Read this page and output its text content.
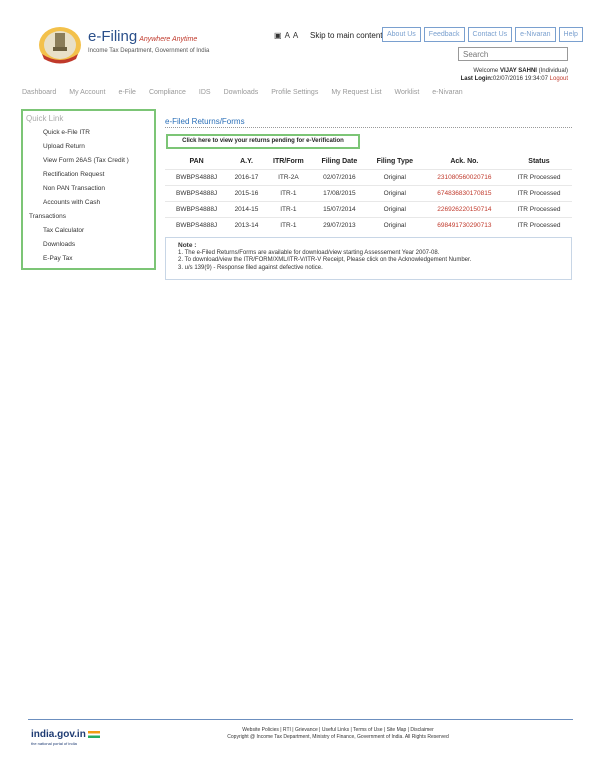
e-Filing Anywhere Anytime
Income Tax Department, Government of India
▣ A A	Skip to main content About Us	Feedback	Contact Us	e-Nivaran	Help
Search
Welcome VIJAY SAHNI (Individual)
Last Login:02/07/2016 19:34:07 Logout
Dashboard My Account e-File Compliance IDS Downloads Profile Settings My Request List Worklist e-Nivaran
Quick Link
Quick e-File ITR
Upload Return
View Form 26AS (Tax Credit )
Rectification Request
Non PAN Transaction
Accounts with Cash
Transactions
Tax Calculator
Downloads
E-Pay Tax
e-Filed Returns/Forms
Click here to view your returns pending for e-Verification
PAN	A.Y.	ITR/Form	Filing Date	Filing Type	Ack. No.	Status
BWBPS4888J	2016-17	ITR-2A	02/07/2016	Original	231080560020716	ITR Processed
BWBPS4888J	2015-16	ITR-1	17/08/2015	Original	674836830170815	ITR Processed
BWBPS4888J	2014-15	ITR-1	15/07/2014	Original	226926220150714	ITR Processed
BWBPS4888J	2013-14	ITR-1	29/07/2013	Original	698491730290713	ITR Processed
Note :
1. The e-Filed Returns/Forms are available for download/view starting Assessement Year 2007-08.
2. To download/view the ITR/FORM/XML/ITR-V/ITR-V Receipt, Please click on the Acknowledgement Number.
3. u/s 139(9) - Response filed against defective notice.
india.gov.in
the national portal of india
Website Policies | RTI | Grievance | Useful Links | Terms of Use | Site Map | Disclaimer
Copyright @ Income Tax Department, Ministry of Finance, Government of India. All Rights Reserved
